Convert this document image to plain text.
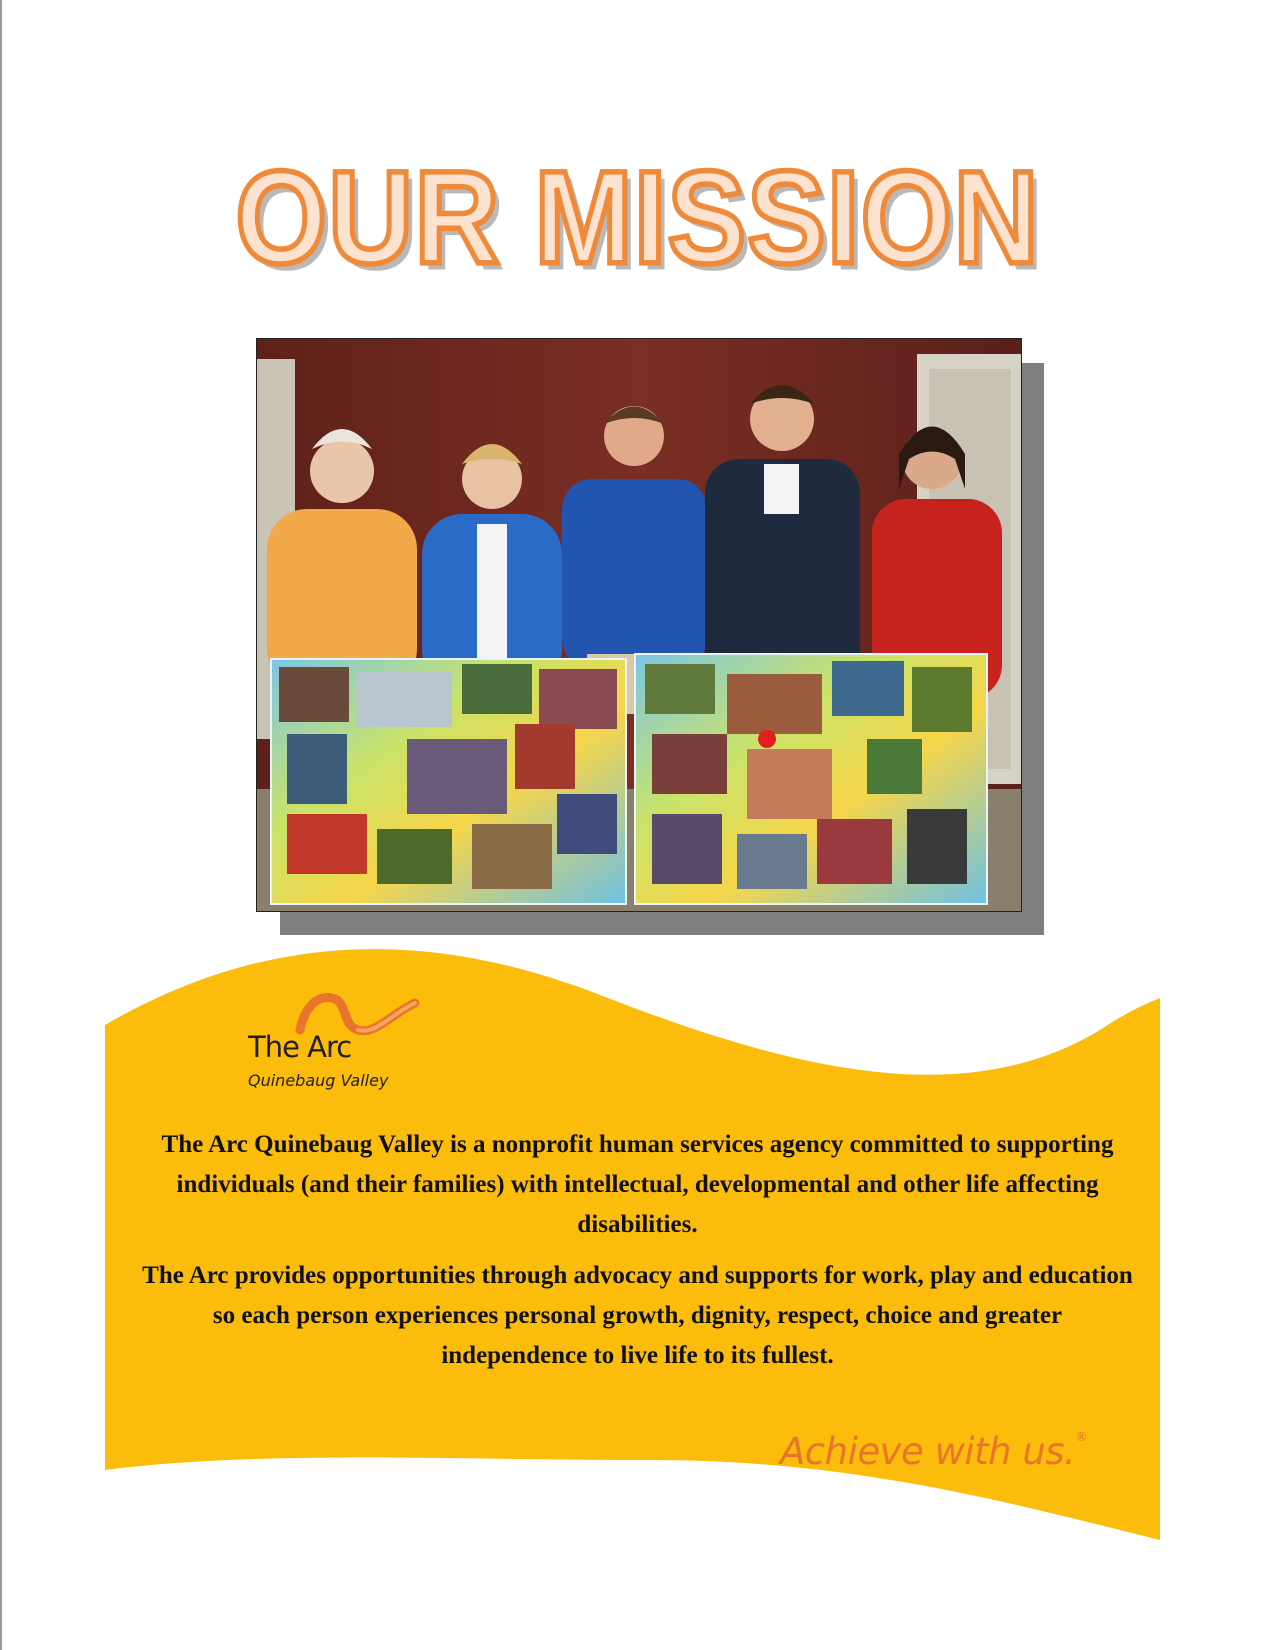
OUR MISSION

The Arc

Quinebaug Valley

The Arc Quinebaug Valley is a nonprofit human services agency committed to supporting individuals (and their families) with intellectual, developmental and other life affecting disabilities.

The Arc provides opportunities through advocacy and supports for work, play and education so each person experiences personal growth, dignity, respect, choice and greater independence to live life to its fullest.

Achieve with us.®
